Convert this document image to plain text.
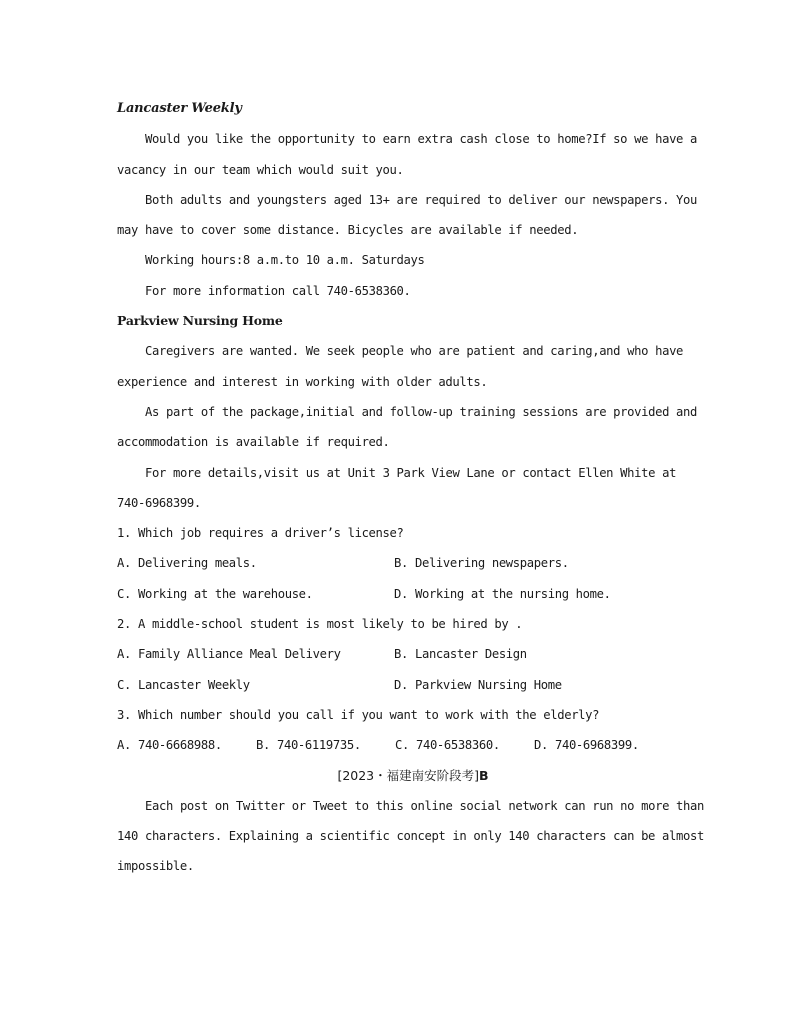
Lancaster Weekly
Would you like the opportunity to earn extra cash close to home?If so we have a
vacancy in our team which would suit you.
Both adults and youngsters aged 13+ are required to deliver our newspapers. You
may have to cover some distance. Bicycles are available if needed.
Working hours:8 a.m.to 10 a.m. Saturdays
For more information call 740-6538360.
Parkview Nursing Home
Caregivers are wanted. We seek people who are patient and caring,and who have
experience and interest in working with older adults.
As part of the package,initial and follow-up training sessions are provided and
accommodation is available if required.
For more details,visit us at Unit 3 Park View Lane or contact Ellen White at
740-6968399.
1. Which job requires a driver’s license?
A. Delivering meals.	B. Delivering newspapers.
C. Working at the warehouse.	D. Working at the nursing home.
2. A middle-school student is most likely to be hired by .
A. Family Alliance Meal Delivery	B. Lancaster Design
C. Lancaster Weekly	D. Parkview Nursing Home
3. Which number should you call if you want to work with the elderly?
A. 740-6668988.	B. 740-6119735.	C. 740-6538360.	D. 740-6968399.
[2023・福建南安阶段考]B
Each post on Twitter or Tweet to this online social network can run no more than
140 characters. Explaining a scientific concept in only 140 characters can be almost
impossible.
